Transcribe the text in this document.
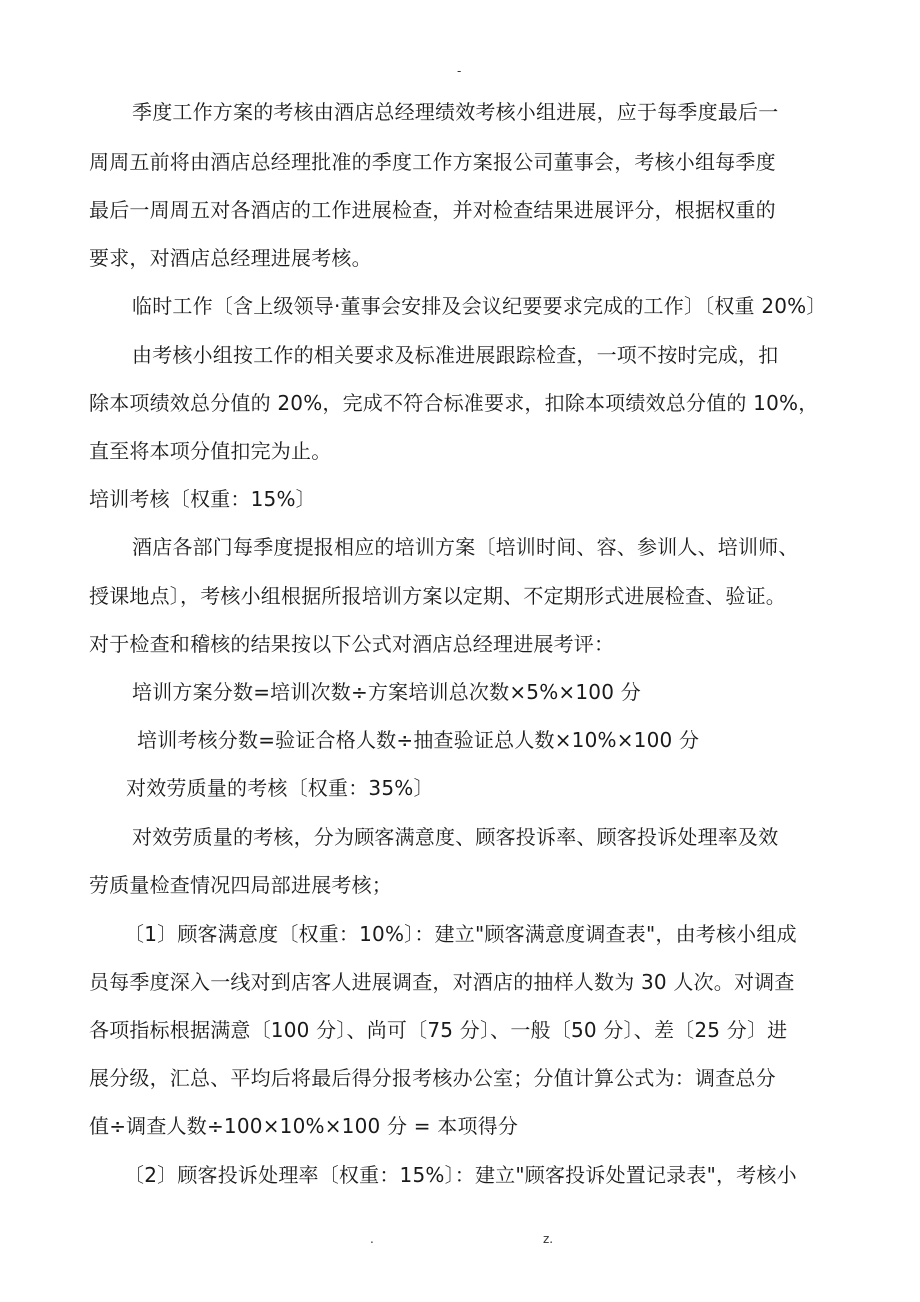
-
季度工作方案的考核由酒店总经理绩效考核小组进展，应于每季度最后一
周周五前将由酒店总经理批准的季度工作方案报公司董事会，考核小组每季度
最后一周周五对各酒店的工作进展检查，并对检查结果进展评分，根据权重的
要求，对酒店总经理进展考核。
临时工作〔含上级领导·董事会安排及会议纪要要求完成的工作〕〔权重 20%〕
由考核小组按工作的相关要求及标准进展跟踪检查，一项不按时完成，扣
除本项绩效总分值的 20%，完成不符合标准要求，扣除本项绩效总分值的 10%，
直至将本项分值扣完为止。
培训考核〔权重：15%〕
酒店各部门每季度提报相应的培训方案〔培训时间、容、参训人、培训师、
授课地点〕，考核小组根据所报培训方案以定期、不定期形式进展检查、验证。
对于检查和稽核的结果按以下公式对酒店总经理进展考评：
培训方案分数=培训次数÷方案培训总次数×5%×100 分
培训考核分数=验证合格人数÷抽查验证总人数×10%×100 分
对效劳质量的考核〔权重：35%〕
对效劳质量的考核，分为顾客满意度、顾客投诉率、顾客投诉处理率及效
劳质量检查情况四局部进展考核；
〔1〕顾客满意度〔权重：10%〕：建立"顾客满意度调查表"，由考核小组成
员每季度深入一线对到店客人进展调查，对酒店的抽样人数为 30 人次。对调查
各项指标根据满意〔100 分〕、尚可〔75 分〕、一般〔50 分〕、差〔25 分〕进
展分级，汇总、平均后将最后得分报考核办公室；分值计算公式为：调查总分
值÷调查人数÷100×10%×100 分 = 本项得分
〔2〕顾客投诉处理率〔权重：15%〕：建立"顾客投诉处置记录表"，考核小
.	z.
